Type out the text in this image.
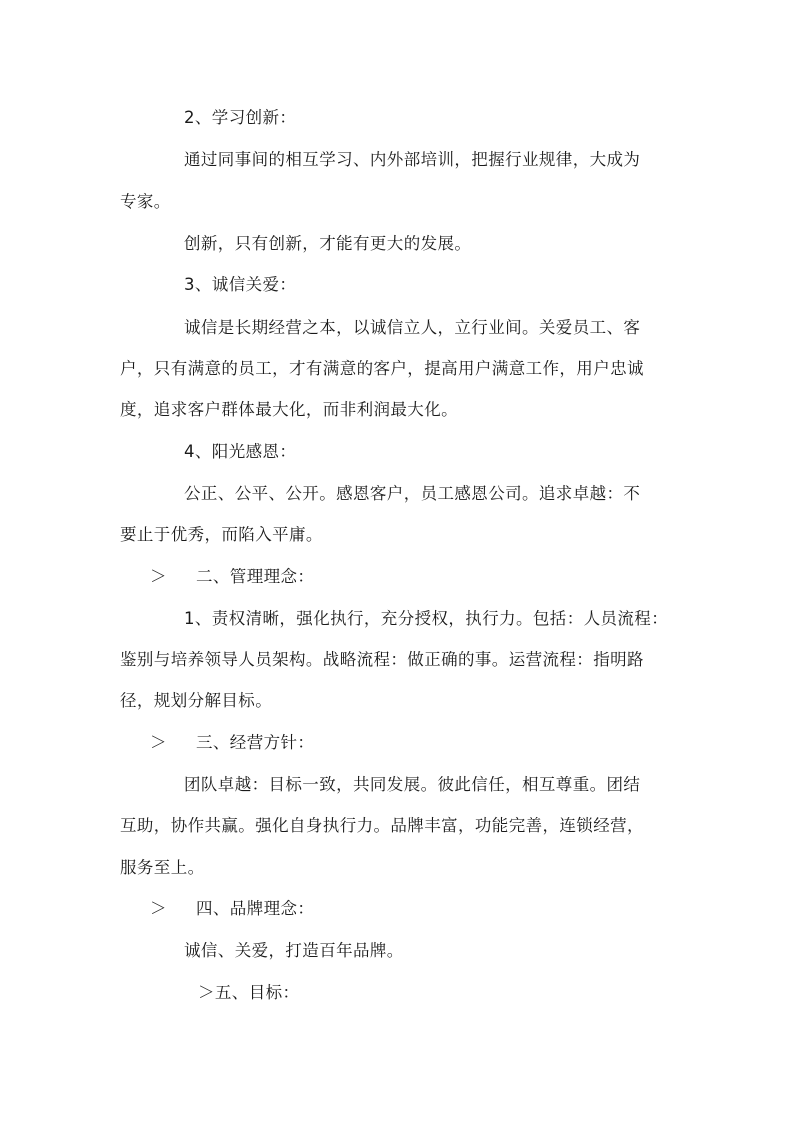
2、学习创新：
通过同事间的相互学习、内外部培训，把握行业规律，大成为
专家。
创新，只有创新，才能有更大的发展。
3、诚信关爱：
诚信是长期经营之本，以诚信立人，立行业间。关爱员工、客
户，只有满意的员工，才有满意的客户，提高用户满意工作，用户忠诚
度，追求客户群体最大化，而非利润最大化。
4、阳光感恩：
公正、公平、公开。感恩客户，员工感恩公司。追求卓越：不
要止于优秀，而陷入平庸。
＞ 二、管理理念：
1、责权清晰，强化执行，充分授权，执行力。包括：人员流程：
鉴别与培养领导人员架构。战略流程：做正确的事。运营流程：指明路
径，规划分解目标。
＞ 三、经营方针：
团队卓越：目标一致，共同发展。彼此信任，相互尊重。团结
互助，协作共赢。强化自身执行力。品牌丰富，功能完善，连锁经营，
服务至上。
＞ 四、品牌理念：
诚信、关爱，打造百年品牌。
＞五、目标：
